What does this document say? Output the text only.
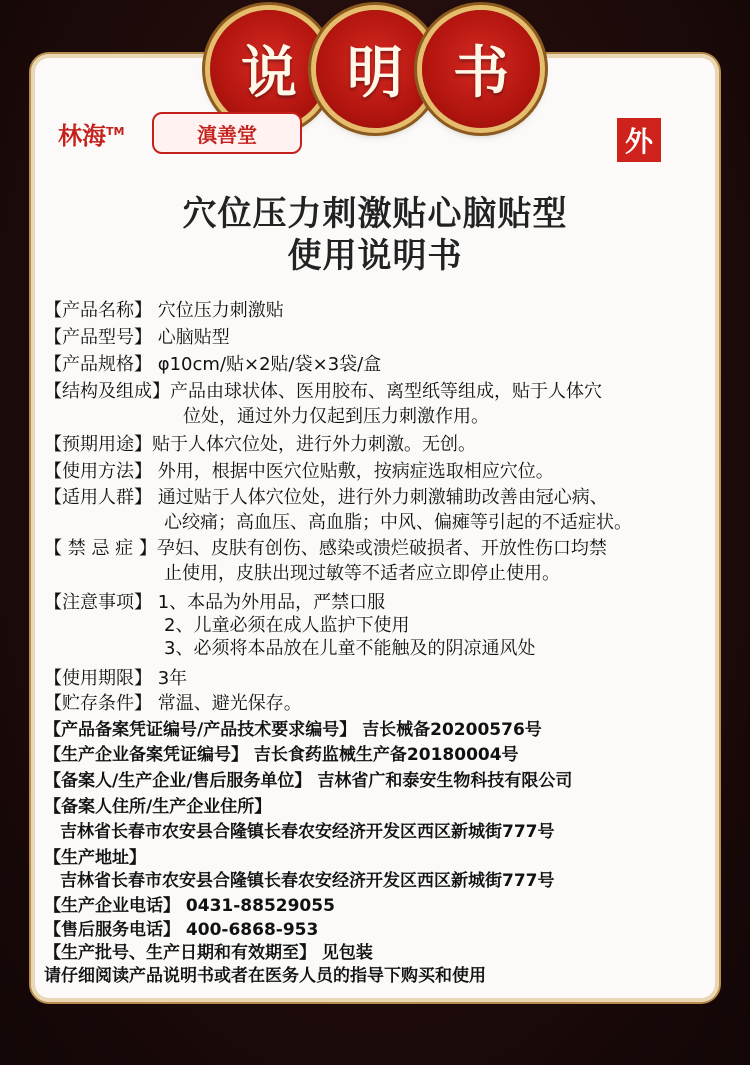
说 明 书
林海™	滇善堂	外
穴位压力刺激贴心脑贴型
使用说明书
【产品名称】 穴位压力刺激贴
【产品型号】 心脑贴型
【产品规格】 φ10cm/贴×2贴/袋×3袋/盒
【结构及组成】产品由球状体、医用胶布、离型纸等组成，贴于人体穴
位处，通过外力仅起到压力刺激作用。
【预期用途】贴于人体穴位处，进行外力刺激。无创。
【使用方法】 外用，根据中医穴位贴敷，按病症选取相应穴位。
【适用人群】 通过贴于人体穴位处，进行外力刺激辅助改善由冠心病、
心绞痛；高血压、高血脂；中风、偏瘫等引起的不适症状。
【 禁 忌 症 】孕妇、皮肤有创伤、感染或溃烂破损者、开放性伤口均禁
止使用，皮肤出现过敏等不适者应立即停止使用。
【注意事项】 1、本品为外用品，严禁口服
2、儿童必须在成人监护下使用
3、必须将本品放在儿童不能触及的阴凉通风处
【使用期限】 3年
【贮存条件】 常温、避光保存。
【产品备案凭证编号/产品技术要求编号】 吉长械备20200576号
【生产企业备案凭证编号】 吉长食药监械生产备20180004号
【备案人/生产企业/售后服务单位】 吉林省广和泰安生物科技有限公司
【备案人住所/生产企业住所】
吉林省长春市农安县合隆镇长春农安经济开发区西区新城街777号
【生产地址】
吉林省长春市农安县合隆镇长春农安经济开发区西区新城街777号
【生产企业电话】 0431-88529055
【售后服务电话】 400-6868-953
【生产批号、生产日期和有效期至】 见包装
请仔细阅读产品说明书或者在医务人员的指导下购买和使用
